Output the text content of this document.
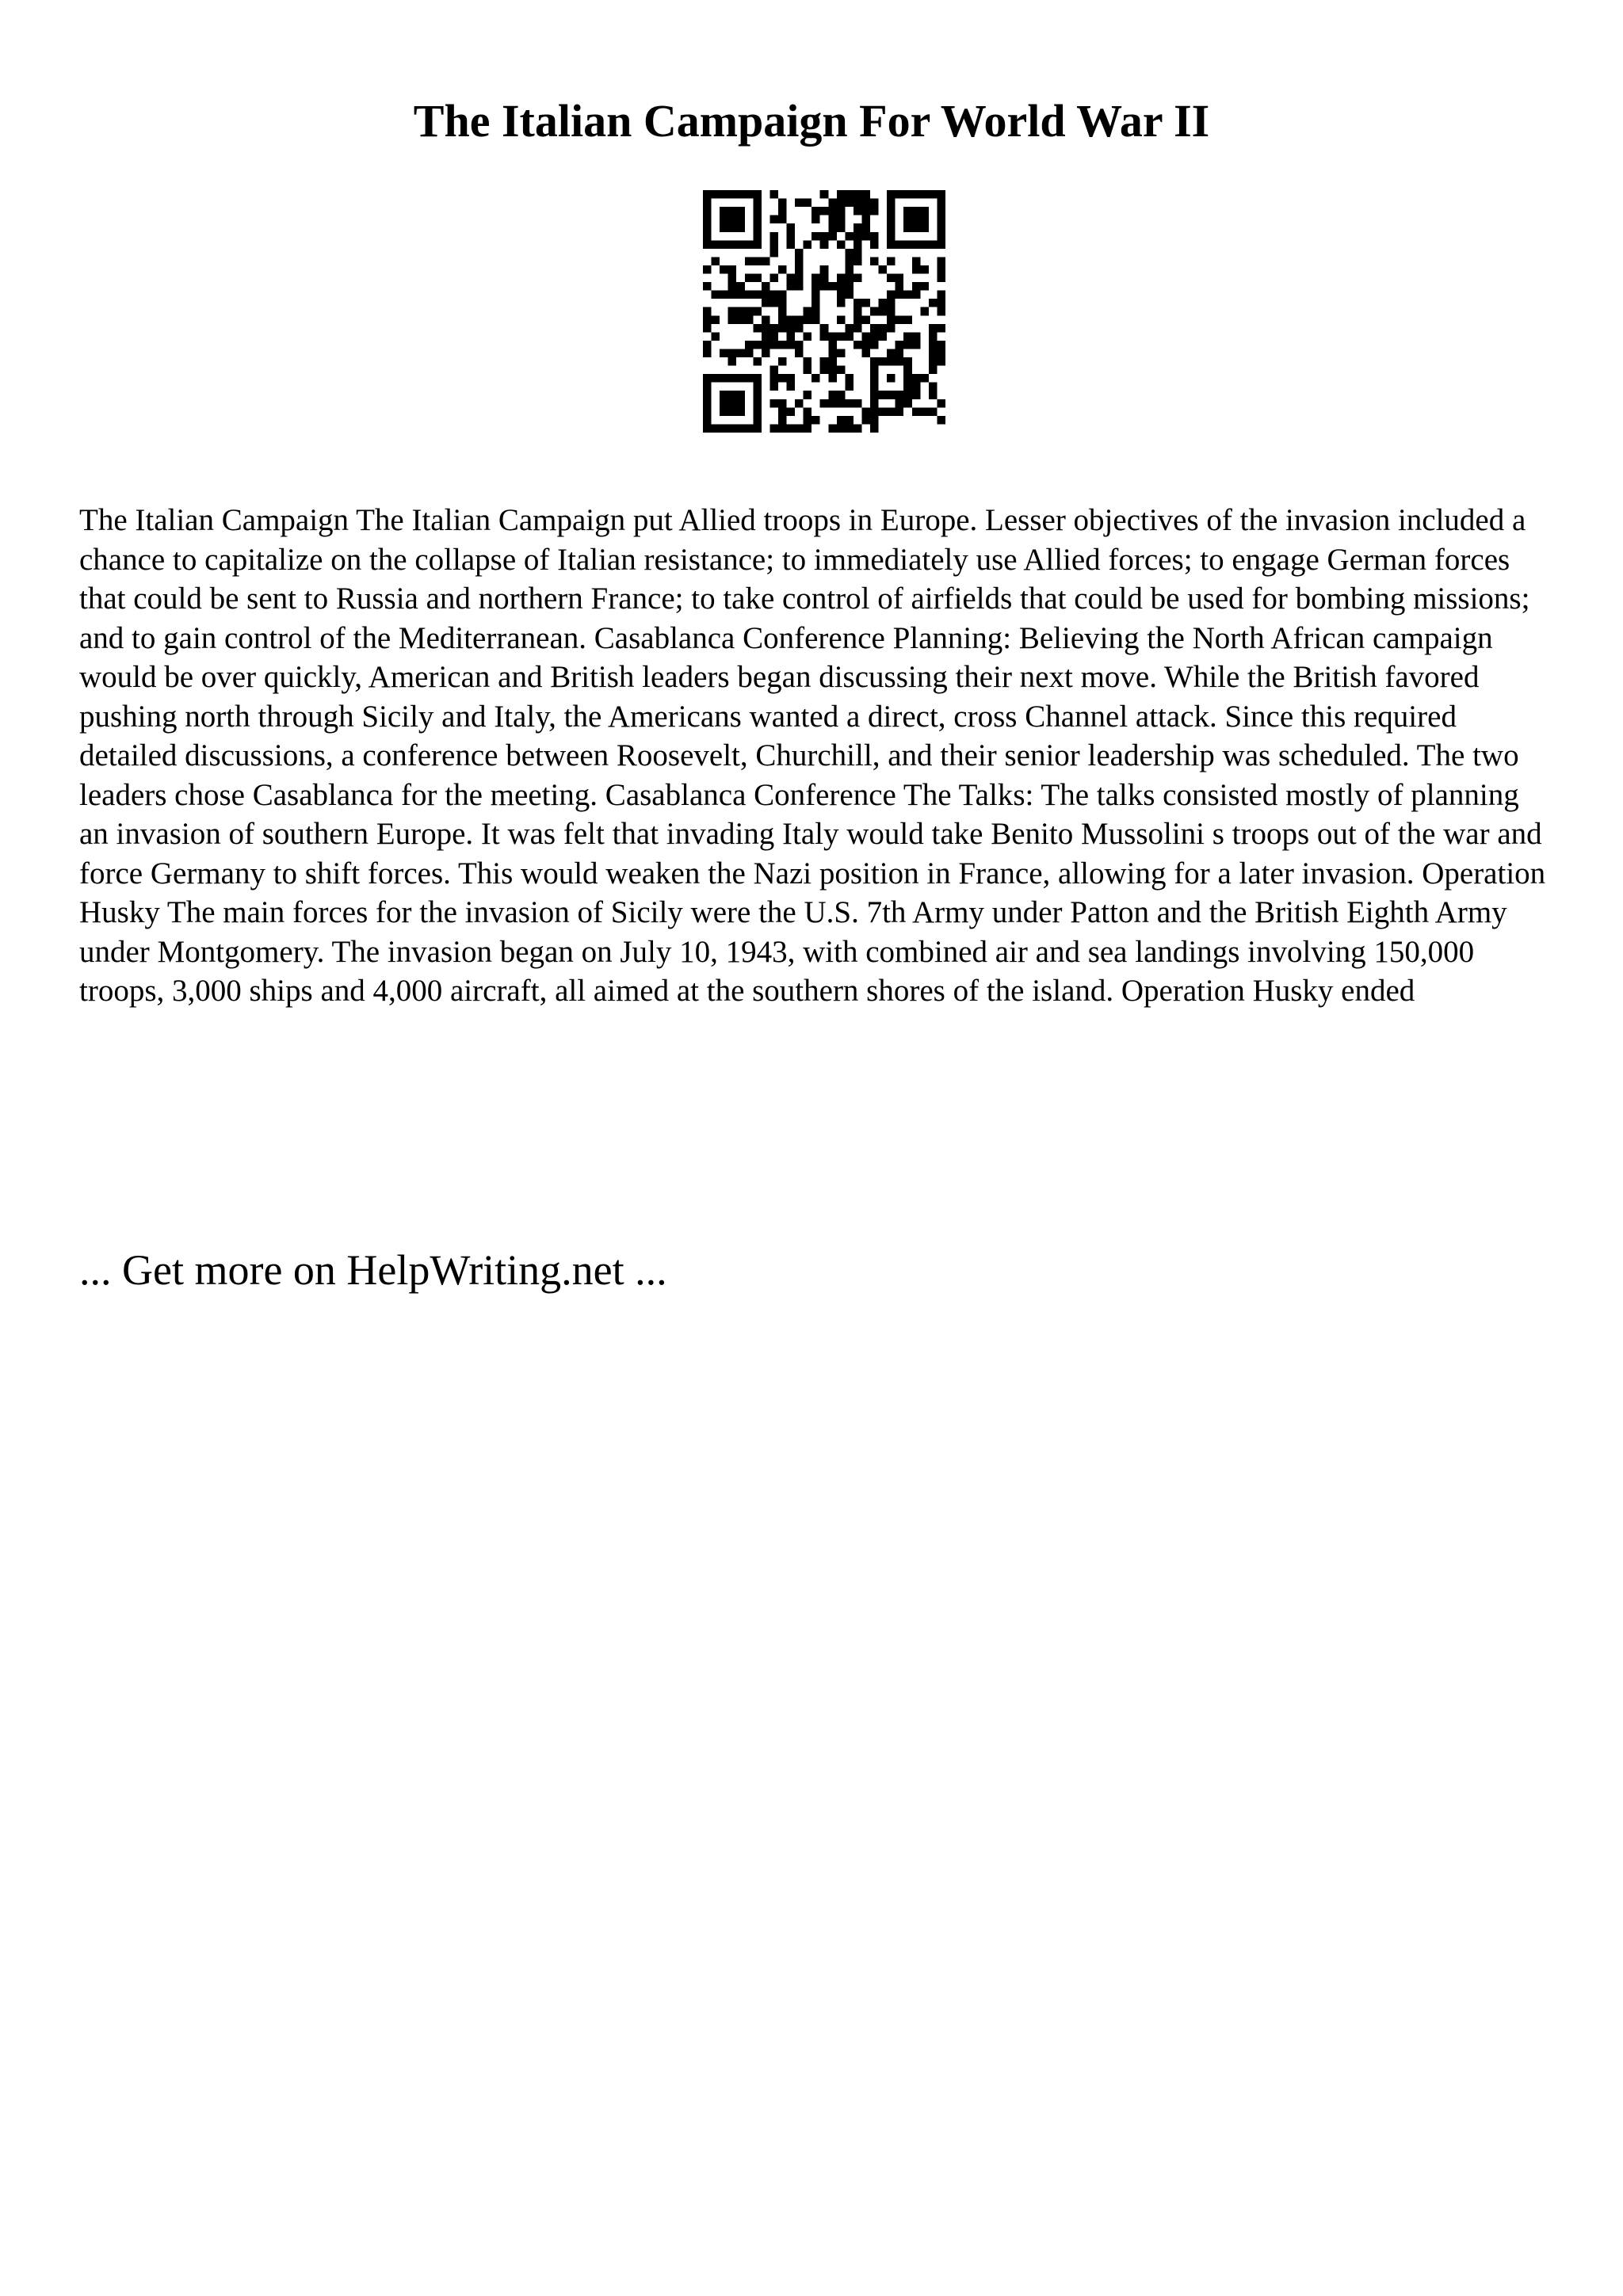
The Italian Campaign For World War II

The Italian Campaign The Italian Campaign put Allied troops in Europe. Lesser objectives of the invasion included a chance to capitalize on the collapse of Italian resistance; to immediately use Allied forces; to engage German forces that could be sent to Russia and northern France; to take control of airfields that could be used for bombing missions; and to gain control of the Mediterranean. Casablanca Conference Planning: Believing the North African campaign would be over quickly, American and British leaders began discussing their next move. While the British favored pushing north through Sicily and Italy, the Americans wanted a direct, cross Channel attack. Since this required detailed discussions, a conference between Roosevelt, Churchill, and their senior leadership was scheduled. The two leaders chose Casablanca for the meeting. Casablanca Conference The Talks: The talks consisted mostly of planning an invasion of southern Europe. It was felt that invading Italy would take Benito Mussolini s troops out of the war and force Germany to shift forces. This would weaken the Nazi position in France, allowing for a later invasion. Operation Husky The main forces for the invasion of Sicily were the U.S. 7th Army under Patton and the British Eighth Army under Montgomery. The invasion began on July 10, 1943, with combined air and sea landings involving 150,000 troops, 3,000 ships and 4,000 aircraft, all aimed at the southern shores of the island. Operation Husky ended

... Get more on HelpWriting.net ...
